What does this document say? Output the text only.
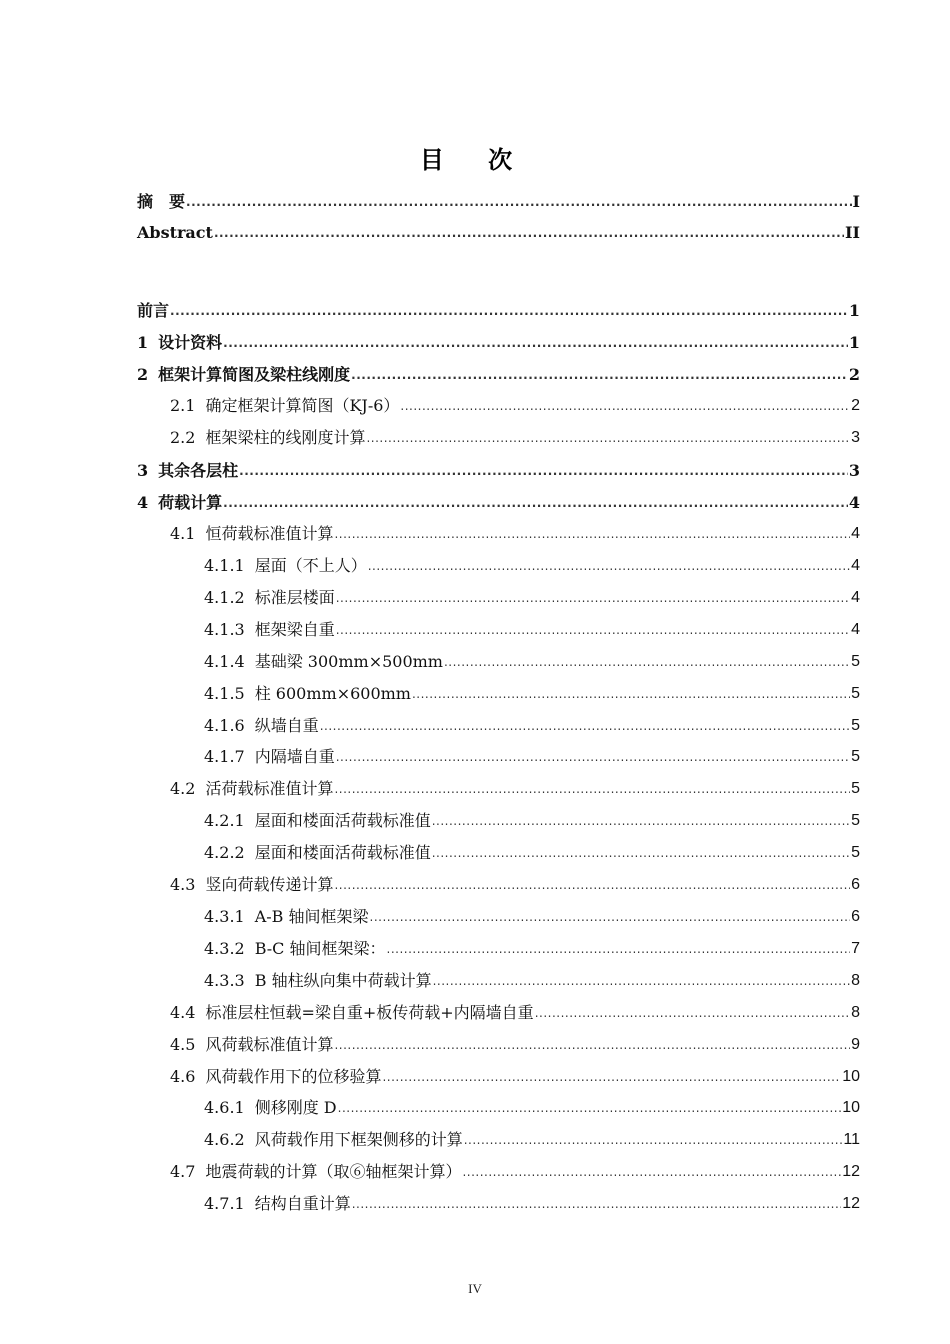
目 次
摘　要 .....	I
Abstract .....	II
前言 .....	1
1 设计资料 .....	1
2 框架计算简图及梁柱线刚度 .....	2
2.1 确定框架计算简图（KJ-6） .....	2
2.2 框架梁柱的线刚度计算 .....	3
3 其余各层柱 .....	3
4 荷载计算 .....	4
4.1 恒荷载标准值计算 .....	4
4.1.1 屋面（不上人） .....	4
4.1.2 标准层楼面 .....	4
4.1.3 框架梁自重 .....	4
4.1.4 基础梁 300mm×500mm .....	5
4.1.5 柱 600mm×600mm .....	5
4.1.6 纵墙自重 .....	5
4.1.7 内隔墙自重 .....	5
4.2 活荷载标准值计算 .....	5
4.2.1 屋面和楼面活荷载标准值 .....	5
4.2.2 屋面和楼面活荷载标准值 .....	5
4.3 竖向荷载传递计算 .....	6
4.3.1 A-B 轴间框架梁 .....	6
4.3.2 B-C 轴间框架梁： .....	7
4.3.3 B 轴柱纵向集中荷载计算 .....	8
4.4 标准层柱恒载=梁自重+板传荷载+内隔墙自重 .....	8
4.5 风荷载标准值计算 .....	9
4.6 风荷载作用下的位移验算 .....	10
4.6.1 侧移刚度 D .....	10
4.6.2 风荷载作用下框架侧移的计算 .....	11
4.7 地震荷载的计算（取⑥轴框架计算） .....	12
4.7.1 结构自重计算 .....	12
IV
